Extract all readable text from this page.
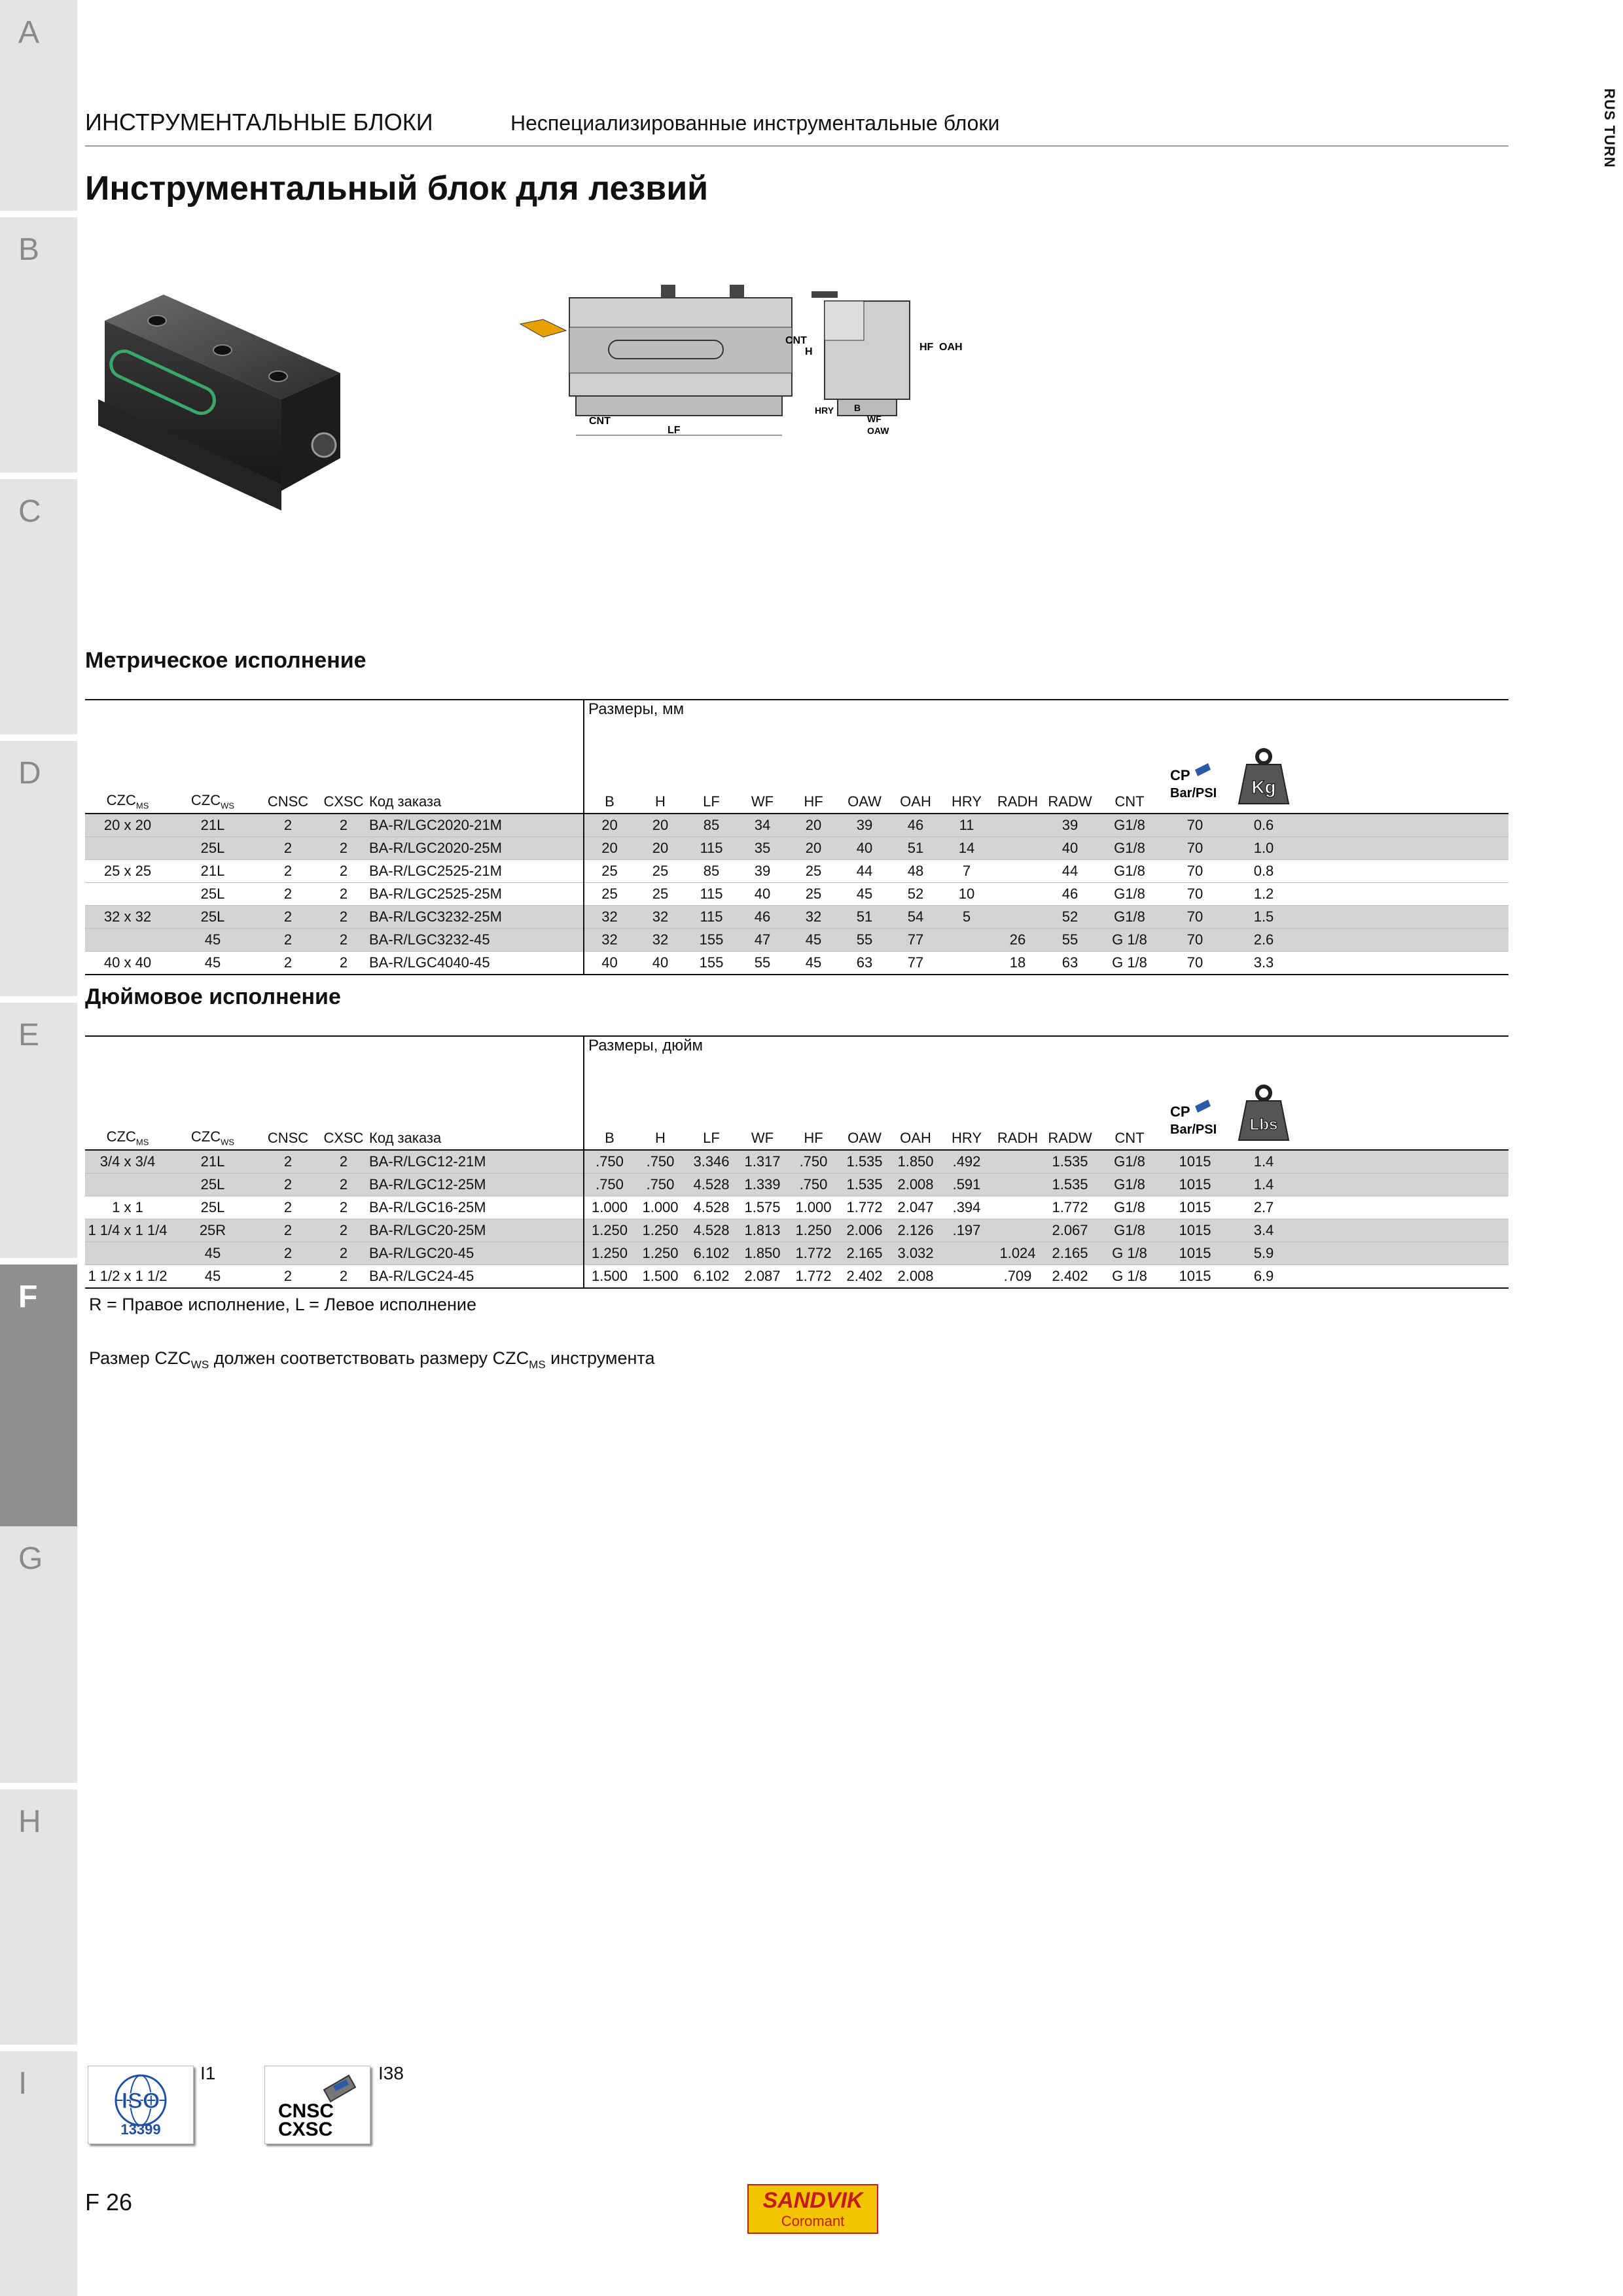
A
B
C
D
E
F
G
H
I
RUS TURN
ИНСТРУМЕНТАЛЬНЫЕ БЛОКИ	Неспециализированные инструментальные блоки
Инструментальный блок для лезвий
CNT
H
CNT
LF
HF OAH
HRY B
WF
OAW
Метрическое исполнение
					Размеры, мм													
$CZC_{MS}$	$CZC_{WS}$	CNSC	CXSC	Код заказа	B	H	LF	WF	HF	OAW	OAH	HRY	RADH	RADW	CNT	CP
Bar/PSI	Kg	

20 x 20	21L	2	2	BA-R/LGC2020-21M	20	20	85	34	20	39	46	11		39	G1/8	70	0.6	
	25L	2	2	BA-R/LGC2020-25M	20	20	115	35	20	40	51	14		40	G1/8	70	1.0	
25 x 25	21L	2	2	BA-R/LGC2525-21M	25	25	85	39	25	44	48	7		44	G1/8	70	0.8	
	25L	2	2	BA-R/LGC2525-25M	25	25	115	40	25	45	52	10		46	G1/8	70	1.2	
32 x 32	25L	2	2	BA-R/LGC3232-25M	32	32	115	46	32	51	54	5		52	G1/8	70	1.5	
	45	2	2	BA-R/LGC3232-45	32	32	155	47	45	55	77		26	55	G 1/8	70	2.6	
40 x 40	45	2	2	BA-R/LGC4040-45	40	40	155	55	45	63	77		18	63	G 1/8	70	3.3	
Дюймовое исполнение
					Размеры, дюйм													
$CZC_{MS}$	$CZC_{WS}$	CNSC	CXSC	Код заказа	B	H	LF	WF	HF	OAW	OAH	HRY	RADH	RADW	CNT	CP
Bar/PSI	Lbs	

3/4 x 3/4	21L	2	2	BA-R/LGC12-21M	.750	.750	3.346	1.317	.750	1.535	1.850	.492		1.535	G1/8	1015	1.4	
	25L	2	2	BA-R/LGC12-25M	.750	.750	4.528	1.339	.750	1.535	2.008	.591		1.535	G1/8	1015	1.4	
1 x 1	25L	2	2	BA-R/LGC16-25M	1.000	1.000	4.528	1.575	1.000	1.772	2.047	.394		1.772	G1/8	1015	2.7	
1 1/4 x 1 1/4	25R	2	2	BA-R/LGC20-25M	1.250	1.250	4.528	1.813	1.250	2.006	2.126	.197		2.067	G1/8	1015	3.4	
	45	2	2	BA-R/LGC20-45	1.250	1.250	6.102	1.850	1.772	2.165	3.032		1.024	2.165	G 1/8	1015	5.9	
1 1/2 x 1 1/2	45	2	2	BA-R/LGC24-45	1.500	1.500	6.102	2.087	1.772	2.402	2.008		.709	2.402	G 1/8	1015	6.9	
R = Правое исполнение, L = Левое исполнение
Размер $CZC_{WS}$ должен соответствовать размеру $CZC_{MS}$ инструмента
ISO
13399
I1
CNSC
CXSC
I38
F 26	SANDVIK
Coromant
